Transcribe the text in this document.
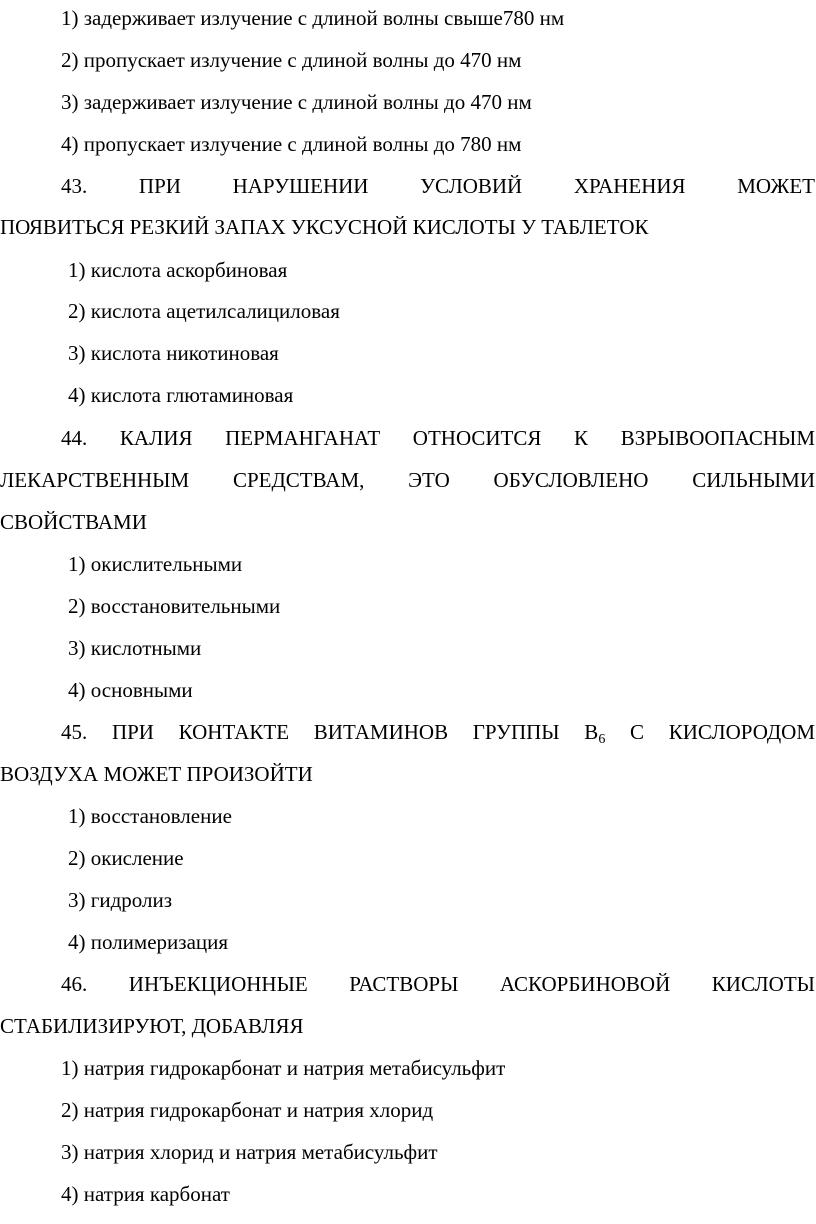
1) задерживает излучение с длиной волны свыше780 нм
2) пропускает излучение с длиной волны до 470 нм
3) задерживает излучение с длиной волны до 470 нм
4) пропускает излучение с длиной волны до 780 нм
43. ПРИ НАРУШЕНИИ УСЛОВИЙ ХРАНЕНИЯ МОЖЕТ
ПОЯВИТЬСЯ РЕЗКИЙ ЗАПАХ УКСУСНОЙ КИСЛОТЫ У ТАБЛЕТОК
1) кислота аскорбиновая
2) кислота ацетилсалициловая
3) кислота никотиновая
4) кислота глютаминовая
44. КАЛИЯ ПЕРМАНГАНАТ ОТНОСИТСЯ К ВЗРЫВООПАСНЫМ
ЛЕКАРСТВЕННЫМ СРЕДСТВАМ, ЭТО ОБУСЛОВЛЕНО СИЛЬНЫМИ
СВОЙСТВАМИ
1) окислительными
2) восстановительными
3) кислотными
4) основными
45. ПРИ КОНТАКТЕ ВИТАМИНОВ ГРУППЫ $В_6$ С КИСЛОРОДОМ
ВОЗДУХА МОЖЕТ ПРОИЗОЙТИ
1) восстановление
2) окисление
3) гидролиз
4) полимеризация
46. ИНЪЕКЦИОННЫЕ РАСТВОРЫ АСКОРБИНОВОЙ КИСЛОТЫ
СТАБИЛИЗИРУЮТ, ДОБАВЛЯЯ
1) натрия гидрокарбонат и натрия метабисульфит
2) натрия гидрокарбонат и натрия хлорид
3) натрия хлорид и натрия метабисульфит
4) натрия карбонат
